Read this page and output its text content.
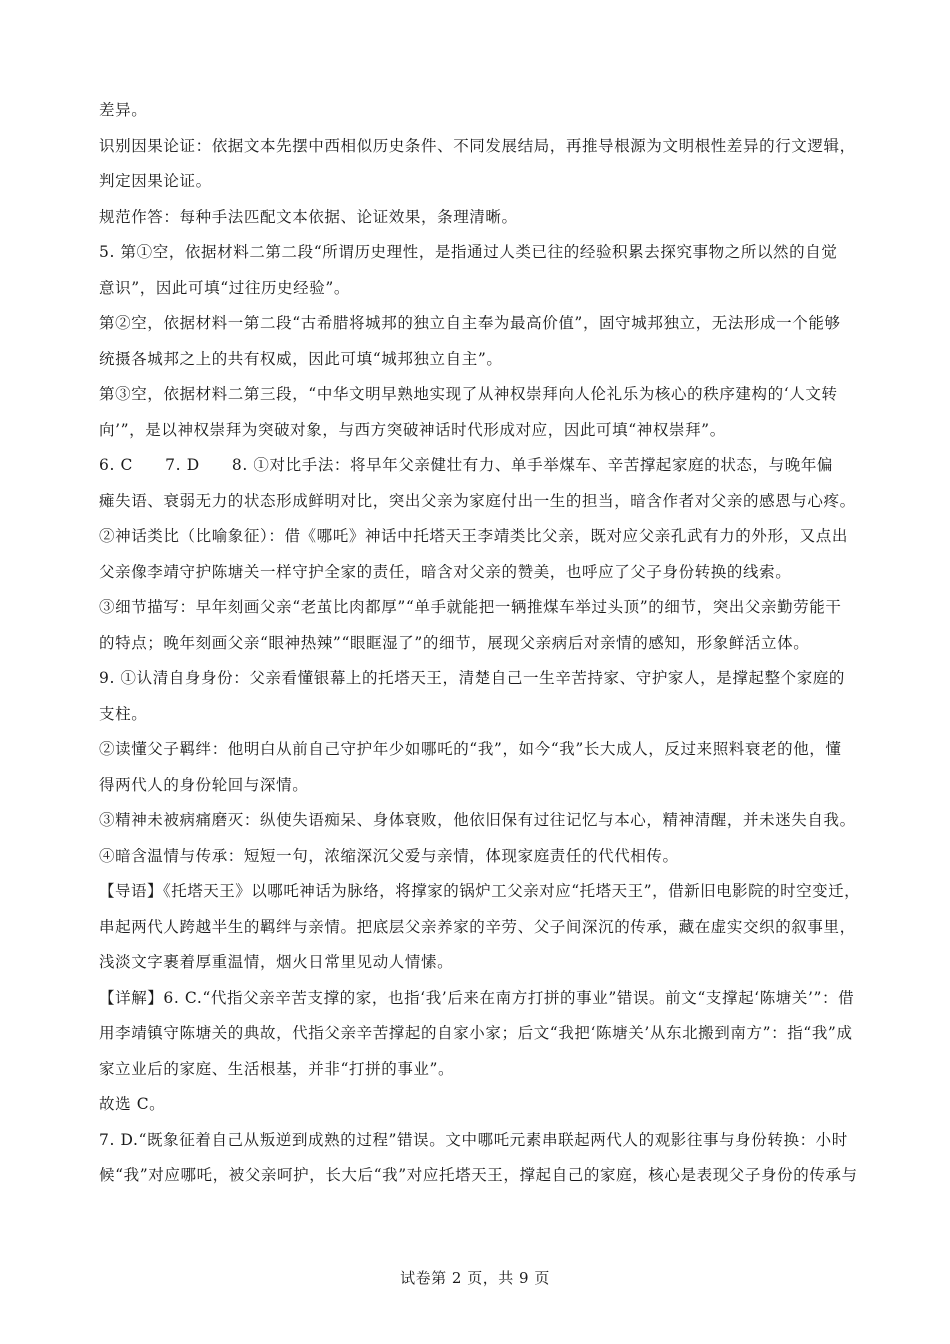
差异。

识别因果论证：依据文本先摆中西相似历史条件、不同发展结局，再推导根源为文明根性差异的行文逻辑，

判定因果论证。

规范作答：每种手法匹配文本依据、论证效果，条理清晰。

5. 第①空，依据材料二第二段“所谓历史理性，是指通过人类已往的经验积累去探究事物之所以然的自觉

意识”，因此可填“过往历史经验”。

第②空，依据材料一第二段“古希腊将城邦的独立自主奉为最高价值”，固守城邦独立，无法形成一个能够

统摄各城邦之上的共有权威，因此可填“城邦独立自主”。

第③空，依据材料二第三段，“中华文明早熟地实现了从神权崇拜向人伦礼乐为核心的秩序建构的‘人文转

向’”，是以神权崇拜为突破对象，与西方突破神话时代形成对应，因此可填“神权崇拜”。

6. C　　7. D　　8. ①对比手法：将早年父亲健壮有力、单手举煤车、辛苦撑起家庭的状态，与晚年偏

瘫失语、衰弱无力的状态形成鲜明对比，突出父亲为家庭付出一生的担当，暗含作者对父亲的感恩与心疼。

②神话类比（比喻象征）：借《哪吒》神话中托塔天王李靖类比父亲，既对应父亲孔武有力的外形，又点出

父亲像李靖守护陈塘关一样守护全家的责任，暗含对父亲的赞美，也呼应了父子身份转换的线索。

③细节描写：早年刻画父亲“老茧比肉都厚”“单手就能把一辆推煤车举过头顶”的细节，突出父亲勤劳能干

的特点；晚年刻画父亲“眼神热辣”“眼眶湿了”的细节，展现父亲病后对亲情的感知，形象鲜活立体。

9. ①认清自身身份：父亲看懂银幕上的托塔天王，清楚自己一生辛苦持家、守护家人，是撑起整个家庭的

支柱。

②读懂父子羁绊：他明白从前自己守护年少如哪吒的“我”，如今“我”长大成人，反过来照料衰老的他，懂

得两代人的身份轮回与深情。

③精神未被病痛磨灭：纵使失语痴呆、身体衰败，他依旧保有过往记忆与本心，精神清醒，并未迷失自我。

④暗含温情与传承：短短一句，浓缩深沉父爱与亲情，体现家庭责任的代代相传。

【导语】《托塔天王》以哪吒神话为脉络，将撑家的锅炉工父亲对应“托塔天王”，借新旧电影院的时空变迁，

串起两代人跨越半生的羁绊与亲情。把底层父亲养家的辛劳、父子间深沉的传承，藏在虚实交织的叙事里，

浅淡文字裹着厚重温情，烟火日常里见动人情愫。

【详解】6. C.“代指父亲辛苦支撑的家，也指‘我’后来在南方打拼的事业”错误。前文“支撑起‘陈塘关’”：借

用李靖镇守陈塘关的典故，代指父亲辛苦撑起的自家小家；后文“我把‘陈塘关’从东北搬到南方”：指“我”成

家立业后的家庭、生活根基，并非“打拼的事业”。

故选 C。

7. D.“既象征着自己从叛逆到成熟的过程”错误。文中哪吒元素串联起两代人的观影往事与身份转换：小时

候“我”对应哪吒，被父亲呵护，长大后“我”对应托塔天王，撑起自己的家庭，核心是表现父子身份的传承与

试卷第 2 页，共 9 页
